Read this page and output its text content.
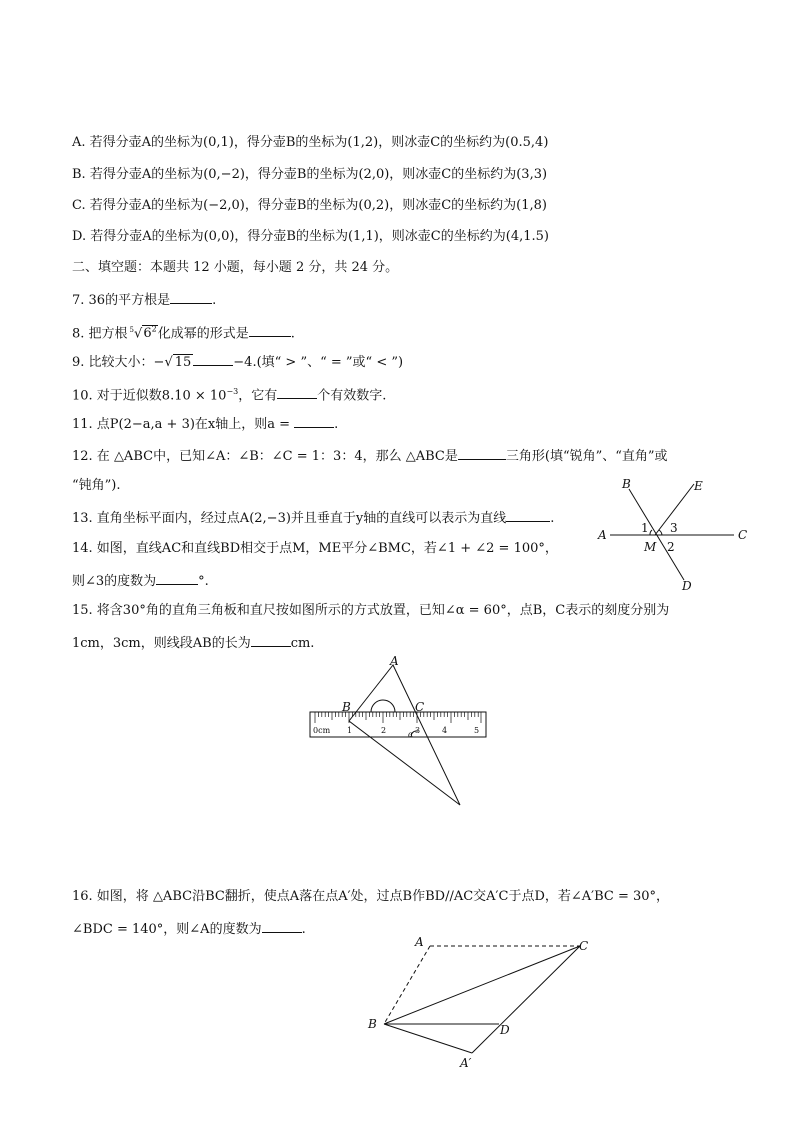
A. 若得分壶A的坐标为(0,1)，得分壶B的坐标为(1,2)，则冰壶C的坐标约为(0.5,4)
B. 若得分壶A的坐标为(0,−2)，得分壶B的坐标为(2,0)，则冰壶C的坐标约为(3,3)
C. 若得分壶A的坐标为(−2,0)，得分壶B的坐标为(0,2)，则冰壶C的坐标约为(1,8)
D. 若得分壶A的坐标为(0,0)，得分壶B的坐标为(1,1)，则冰壶C的坐标约为(4,1.5)
二、填空题：本题共 12 小题，每小题 2 分，共 24 分。
7. 36的平方根是	.
8. 把方根 $^5√6^2$化成幂的形式是	.
9. 比较大小：−√ 15	−4.(填“ > ”、“ = ”或“ < ”)
10. 对于近似数$8.10 \times 10^{-3}$，它有	个有效数字.
11. 点P(2−a,a + 3)在x轴上，则a =	.
12. 在 △ABC中，已知∠A：∠B：∠C = 1：3：4，那么 △ABC是	三角形(填“锐角”、“直角”或
“钝角”).
13. 直角坐标平面内，经过点A(2,−3)并且垂直于y轴的直线可以表示为直线	.
14. 如图，直线AC和直线BD相交于点M，ME平分∠BMC，若∠1 + ∠2 = 100°，
则∠3的度数为	°.
15. 将含30°角的直角三角板和直尺按如图所示的方式放置，已知∠α = 60°，点B，C表示的刻度分别为
1cm，3cm，则线段AB的长为	cm.
16. 如图，将 △ABC沿BC翻折，使点A落在点A′处，过点B作BD//AC交A′C于点D，若∠A′BC = 30°，
∠BDC = 140°，则∠A的度数为	.
A
B
C
D
E
M
1
2
3
A
B	C
α
0cm 1	2	3	4	5
A	C
B	D
A′
